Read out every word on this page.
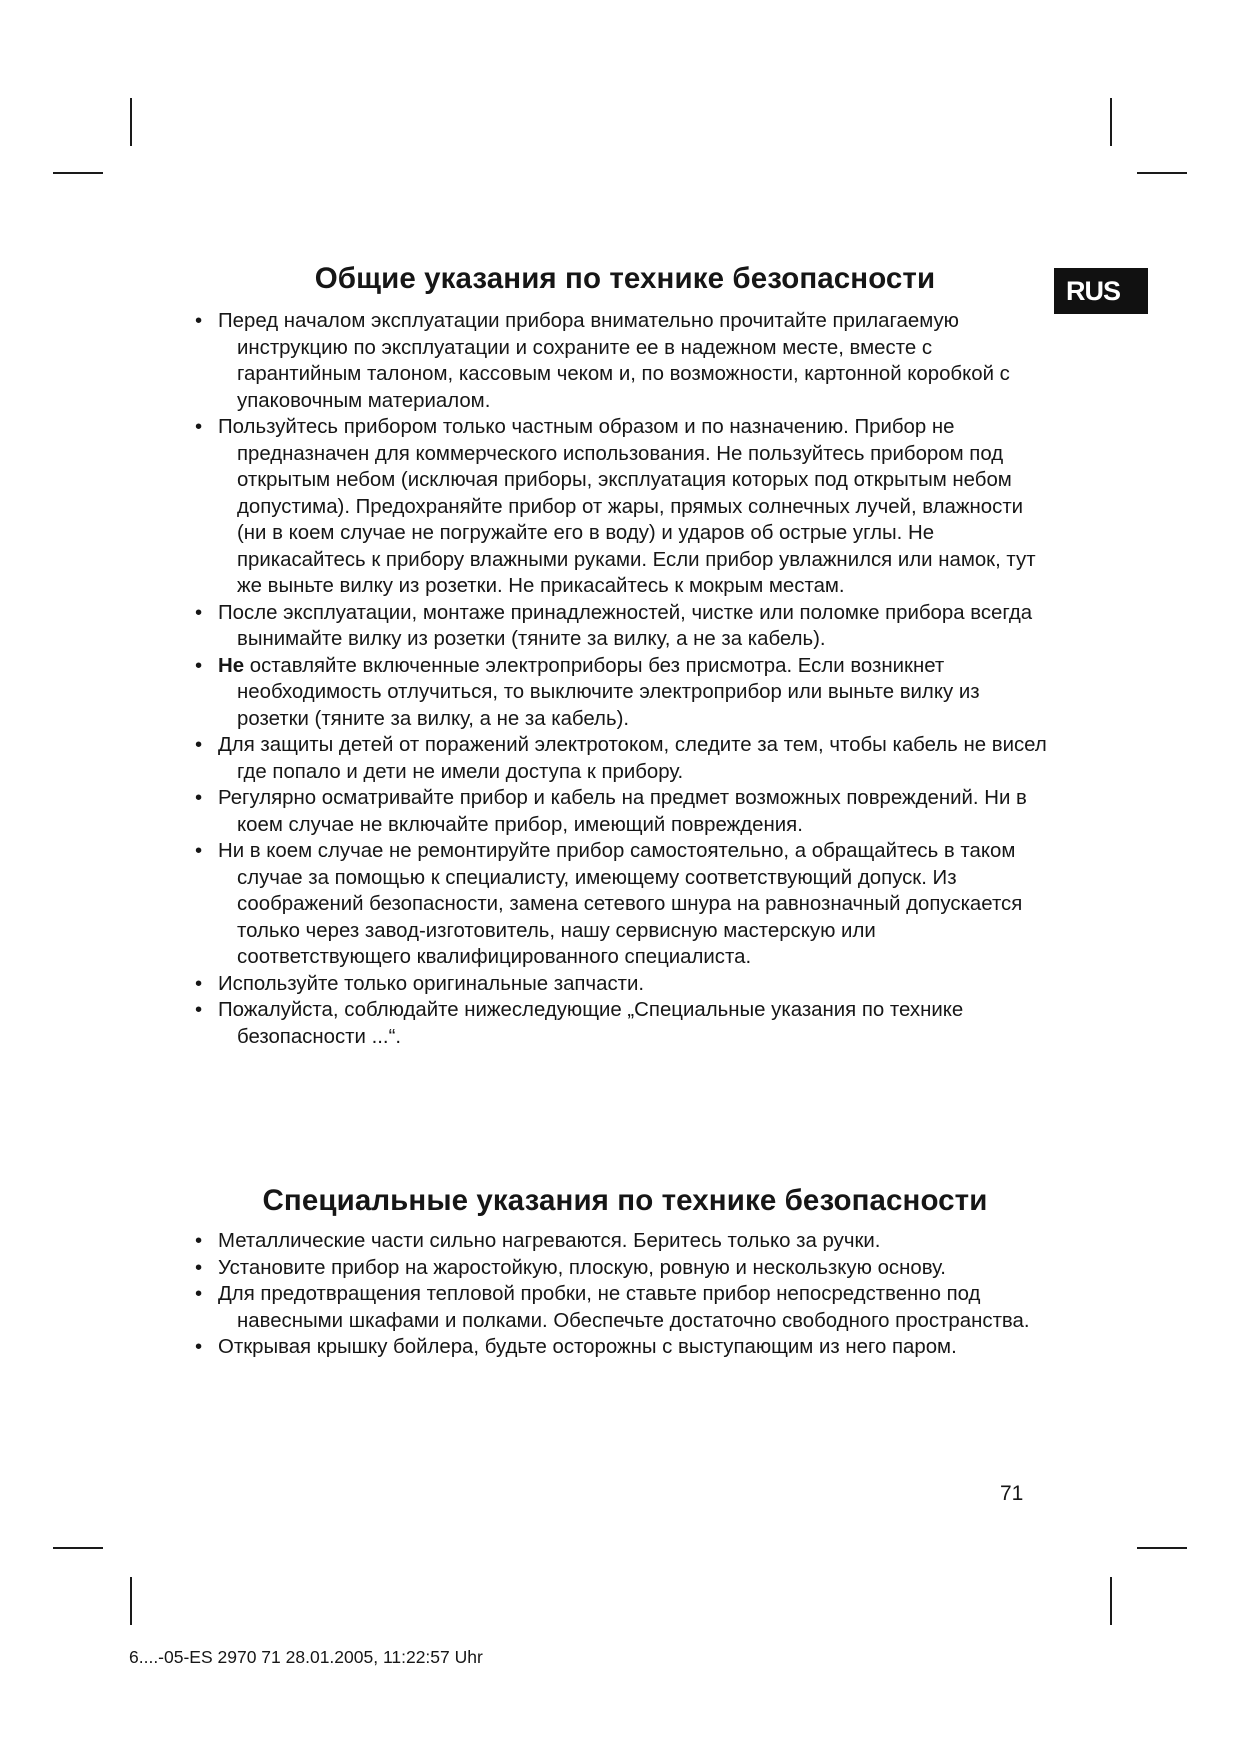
RUS
Общие указания по технике безопасности
• Перед началом эксплуатации прибора внимательно прочитайте прилагаемую инструкцию по эксплуатации и сохраните ее в надежном месте, вместе с гарантийным талоном, кассовым чеком и, по возможности, картонной коробкой с упаковочным материалом.
• Пользуйтесь прибором только частным образом и по назначению. Прибор не предназначен для коммерческого использования. Не пользуйтесь прибором под открытым небом (исключая приборы, эксплуатация которых под открытым небом допустима). Предохраняйте прибор от жары, прямых солнечных лучей, влажности (ни в коем случае не погружайте его в воду) и ударов об острые углы. Не прикасайтесь к прибору влажными руками. Если прибор увлажнился или намок, тут же выньте вилку из розетки. Не прикасайтесь к мокрым местам.
• После эксплуатации, монтаже принадлежностей, чистке или поломке прибора всегда вынимайте вилку из розетки (тяните за вилку, а не за кабель).
• Не оставляйте включенные электроприборы без присмотра. Если возникнет необходимость отлучиться, то выключите электроприбор или выньте вилку из розетки (тяните за вилку, а не за кабель).
• Для защиты детей от поражений электротоком, следите за тем, чтобы кабель не висел где попало и дети не имели доступа к прибору.
• Регулярно осматривайте прибор и кабель на предмет возможных повреждений. Ни в коем случае не включайте прибор, имеющий повреждения.
• Ни в коем случае не ремонтируйте прибор самостоятельно, а обращайтесь в таком случае за помощью к специалисту, имеющему соответствующий допуск. Из соображений безопасности, замена сетевого шнура на равнозначный допускается только через завод-изготовитель, нашу сервисную мастерскую или соответствующего квалифицированного специалиста.
• Используйте только оригинальные запчасти.
• Пожалуйста, соблюдайте нижеследующие „Специальные указания по технике безопасности ...“.
Специальные указания по технике безопасности
• Металлические части сильно нагреваются. Беритесь только за ручки.
• Установите прибор на жаростойкую, плоскую, ровную и нескользкую основу.
• Для предотвращения тепловой пробки, не ставьте прибор непосредственно под навесными шкафами и полками. Обеспечьте достаточно свободного пространства.
• Открывая крышку бойлера, будьте осторожны с выступающим из него паром.
71
6....-05-ES 2970 71 28.01.2005, 11:22:57 Uhr
